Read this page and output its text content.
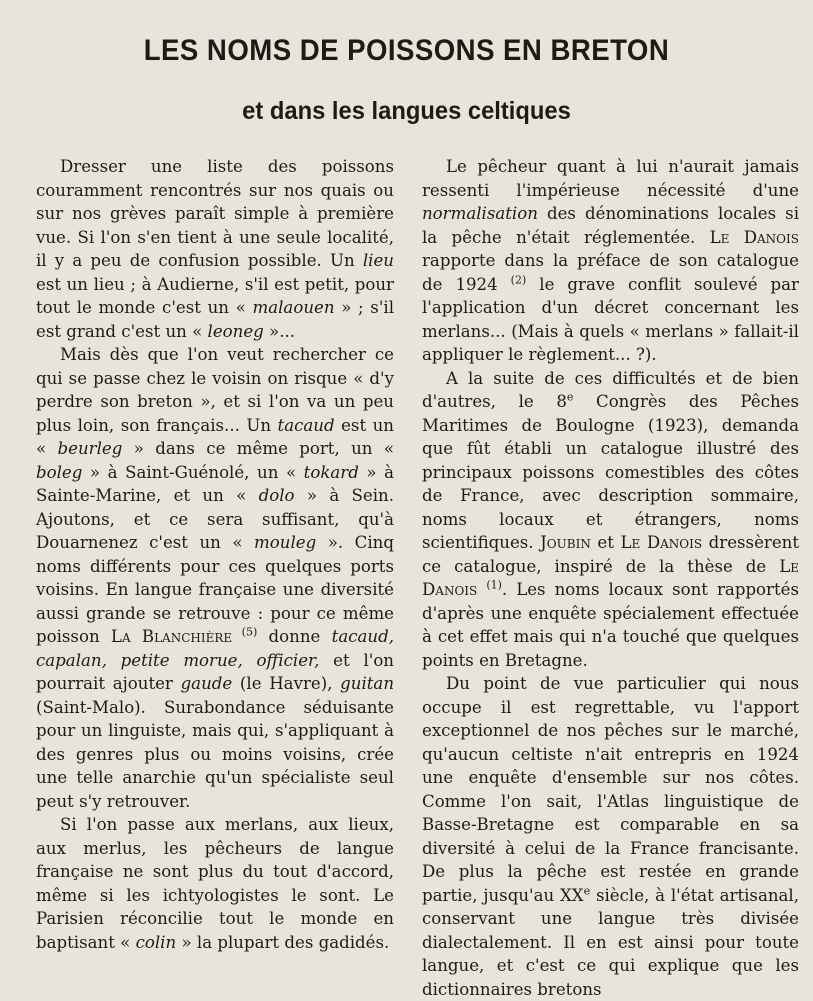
LES NOMS DE POISSONS EN BRETON
et dans les langues celtiques

Dresser une liste des poissons couramment rencontrés sur nos quais ou sur nos grèves paraît simple à première vue. Si l'on s'en tient à une seule localité, il y a peu de confusion possible. Un lieu est un lieu ; à Audierne, s'il est petit, pour tout le monde c'est un « malaouen » ; s'il est grand c'est un « leoneg »...

Mais dès que l'on veut rechercher ce qui se passe chez le voisin on risque « d'y perdre son breton », et si l'on va un peu plus loin, son français... Un tacaud est un « beurleg » dans ce même port, un « boleg » à Saint-Guénolé, un « tokard » à Sainte-Marine, et un « dolo » à Sein. Ajoutons, et ce sera suffisant, qu'à Douarnenez c'est un « mouleg ». Cinq noms différents pour ces quelques ports voisins. En langue française une diversité aussi grande se retrouve : pour ce même poisson La Blanchière $^{(5)}$ donne tacaud, capalan, petite morue, officier, et l'on pourrait ajouter gaude (le Havre), guitan (Saint-Malo). Surabondance séduisante pour un linguiste, mais qui, s'appliquant à des genres plus ou moins voisins, crée une telle anarchie qu'un spécialiste seul peut s'y retrouver.

Si l'on passe aux merlans, aux lieux, aux merlus, les pêcheurs de langue française ne sont plus du tout d'accord, même si les ichtyologistes le sont. Le Parisien réconcilie tout le monde en baptisant « colin » la plupart des gadidés.

Le pêcheur quant à lui n'aurait jamais ressenti l'impérieuse nécessité d'une normalisation des dénominations locales si la pêche n'était réglementée. Le Danois rapporte dans la préface de son catalogue de 1924 $^{(2)}$ le grave conflit soulevé par l'application d'un décret concernant les merlans... (Mais à quels « merlans » fallait-il appliquer le règlement... ?).

A la suite de ces difficultés et de bien d'autres, le 8e Congrès des Pêches Maritimes de Boulogne (1923), demanda que fût établi un catalogue illustré des principaux poissons comestibles des côtes de France, avec description sommaire, noms locaux et étrangers, noms scientifiques. Joubin et Le Danois dressèrent ce catalogue, inspiré de la thèse de Le Danois $^{(1)}$. Les noms locaux sont rapportés d'après une enquête spécialement effectuée à cet effet mais qui n'a touché que quelques points en Bretagne.

Du point de vue particulier qui nous occupe il est regrettable, vu l'apport exceptionnel de nos pêches sur le marché, qu'aucun celtiste n'ait entrepris en 1924 une enquête d'ensemble sur nos côtes. Comme l'on sait, l'Atlas linguistique de Basse-Bretagne est comparable en sa diversité à celui de la France francisante. De plus la pêche est restée en grande partie, jusqu'au XXe siècle, à l'état artisanal, conservant une langue très divisée dialectalement. Il en est ainsi pour toute langue, et c'est ce qui explique que les dictionnaires bretons
